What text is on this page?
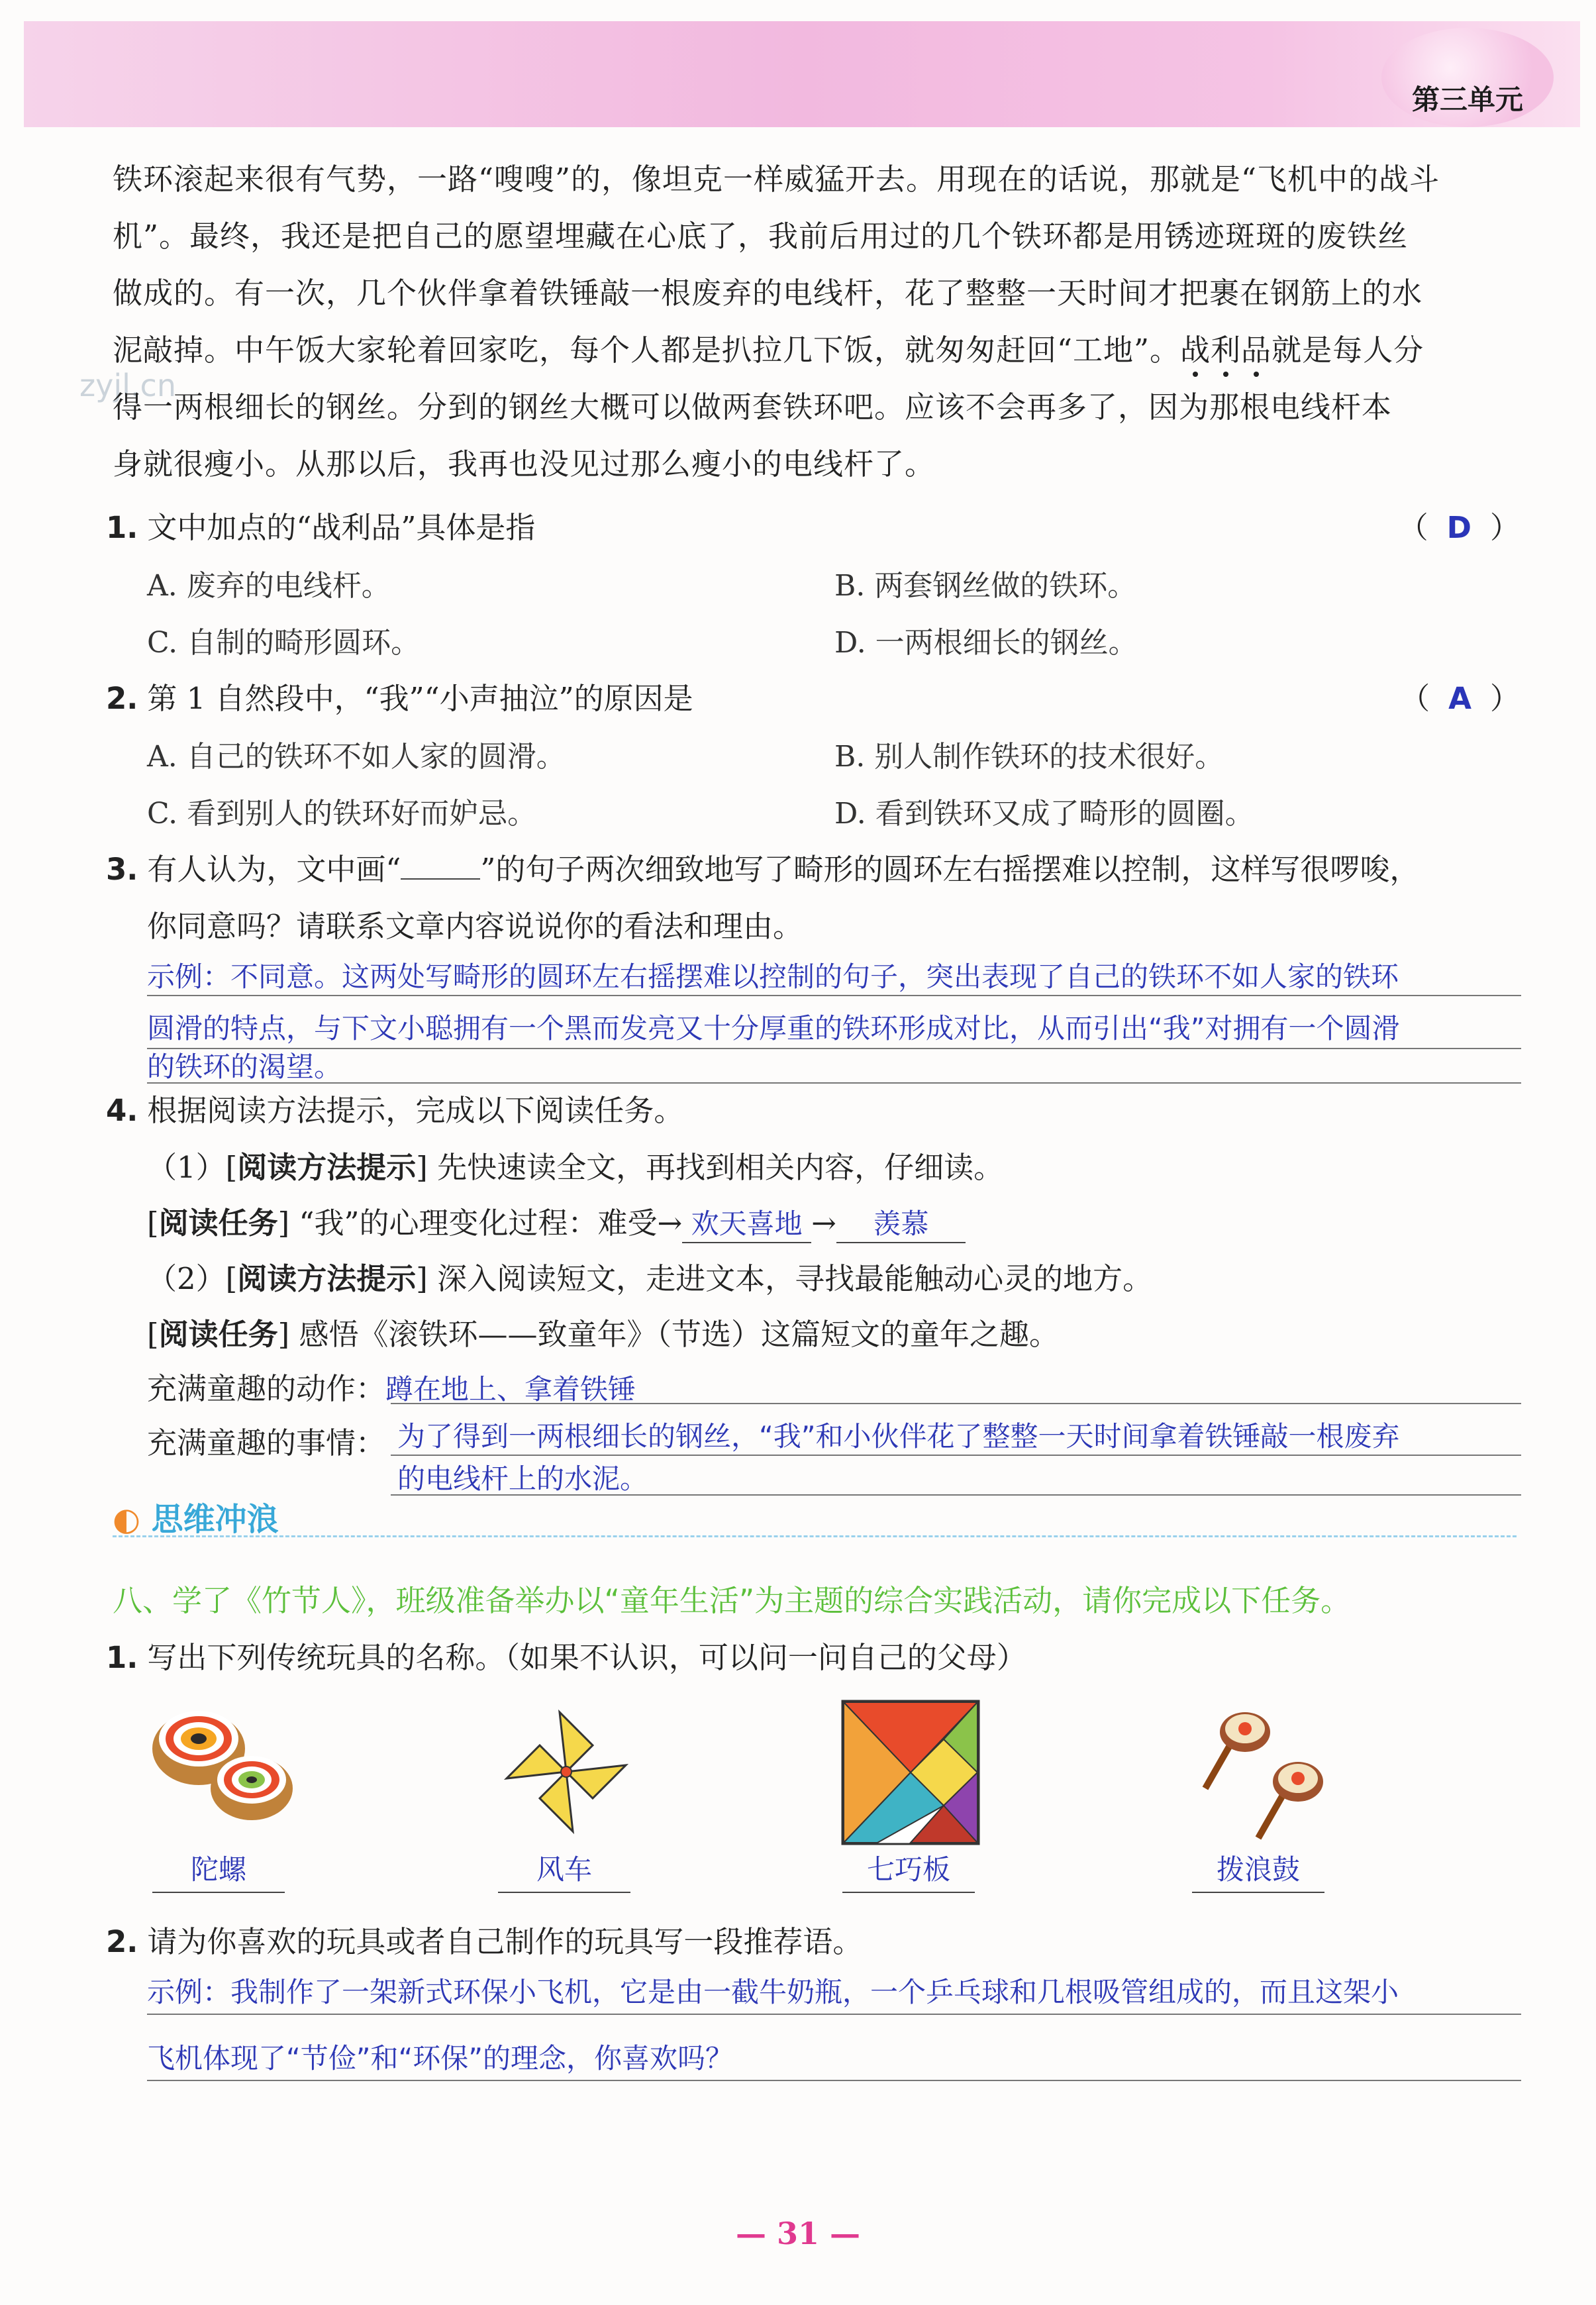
第三单元
zyjl.cn
铁环滚起来很有气势，一路“嗖嗖”的，像坦克一样威猛开去。用现在的话说，那就是“飞机中的战斗
机”。最终，我还是把自己的愿望埋藏在心底了，我前后用过的几个铁环都是用锈迹斑斑的废铁丝
做成的。有一次，几个伙伴拿着铁锤敲一根废弃的电线杆，花了整整一天时间才把裹在钢筋上的水
泥敲掉。中午饭大家轮着回家吃，每个人都是扒拉几下饭，就匆匆赶回“工地”。战
利
品
就是每人分
得一两根细长的钢丝。分到的钢丝大概可以做两套铁环吧。应该不会再多了，因为那根电线杆本
身就很瘦小。从那以后，我再也没见过那么瘦小的电线杆了。
1. 文中加点的“战利品”具体是指	（ D ）
A. 废弃的电线杆。	B. 两套钢丝做的铁环。
C. 自制的畸形圆环。	D. 一两根细长的钢丝。
2. 第 1 自然段中，“我”“小声抽泣”的原因是	（ A ）
A. 自己的铁环不如人家的圆滑。	B. 别人制作铁环的技术很好。
C. 看到别人的铁环好而妒忌。	D. 看到铁环又成了畸形的圆圈。
3. 有人认为，文中画“	”的句子两次细致地写了畸形的圆环左右摇摆难以控制，这样写很啰唆，
你同意吗？请联系文章内容说说你的看法和理由。
示例：不同意。这两处写畸形的圆环左右摇摆难以控制的句子，突出表现了自己的铁环不如人家的铁环
圆滑的特点，与下文小聪拥有一个黑而发亮又十分厚重的铁环形成对比，从而引出“我”对拥有一个圆滑
的铁环的渴望。
4. 根据阅读方法提示，完成以下阅读任务。
（1）[阅读方法提示] 先快速读全文，再找到相关内容，仔细读。
[阅读任务] “我”的心理变化过程：难受→ 欢天喜地 → 羡慕
（2）[阅读方法提示] 深入阅读短文，走进文本，寻找最能触动心灵的地方。
[阅读任务] 感悟《滚铁环——致童年》（节选）这篇短文的童年之趣。
充满童趣的动作：蹲在地上、拿着铁锤
充满童趣的事情： 为了得到一两根细长的钢丝，“我”和小伙伴花了整整一天时间拿着铁锤敲一根废弃
的电线杆上的水泥。
◐ 思维冲浪
八、学了《竹节人》，班级准备举办以“童年生活”为主题的综合实践活动，请你完成以下任务。
1. 写出下列传统玩具的名称。（如果不认识，可以问一问自己的父母）
陀螺	风车	七巧板	拨浪鼓
2. 请为你喜欢的玩具或者自己制作的玩具写一段推荐语。
示例：我制作了一架新式环保小飞机，它是由一截牛奶瓶，一个乒乓球和几根吸管组成的，而且这架小
飞机体现了“节俭”和“环保”的理念，你喜欢吗？
— 31 —
